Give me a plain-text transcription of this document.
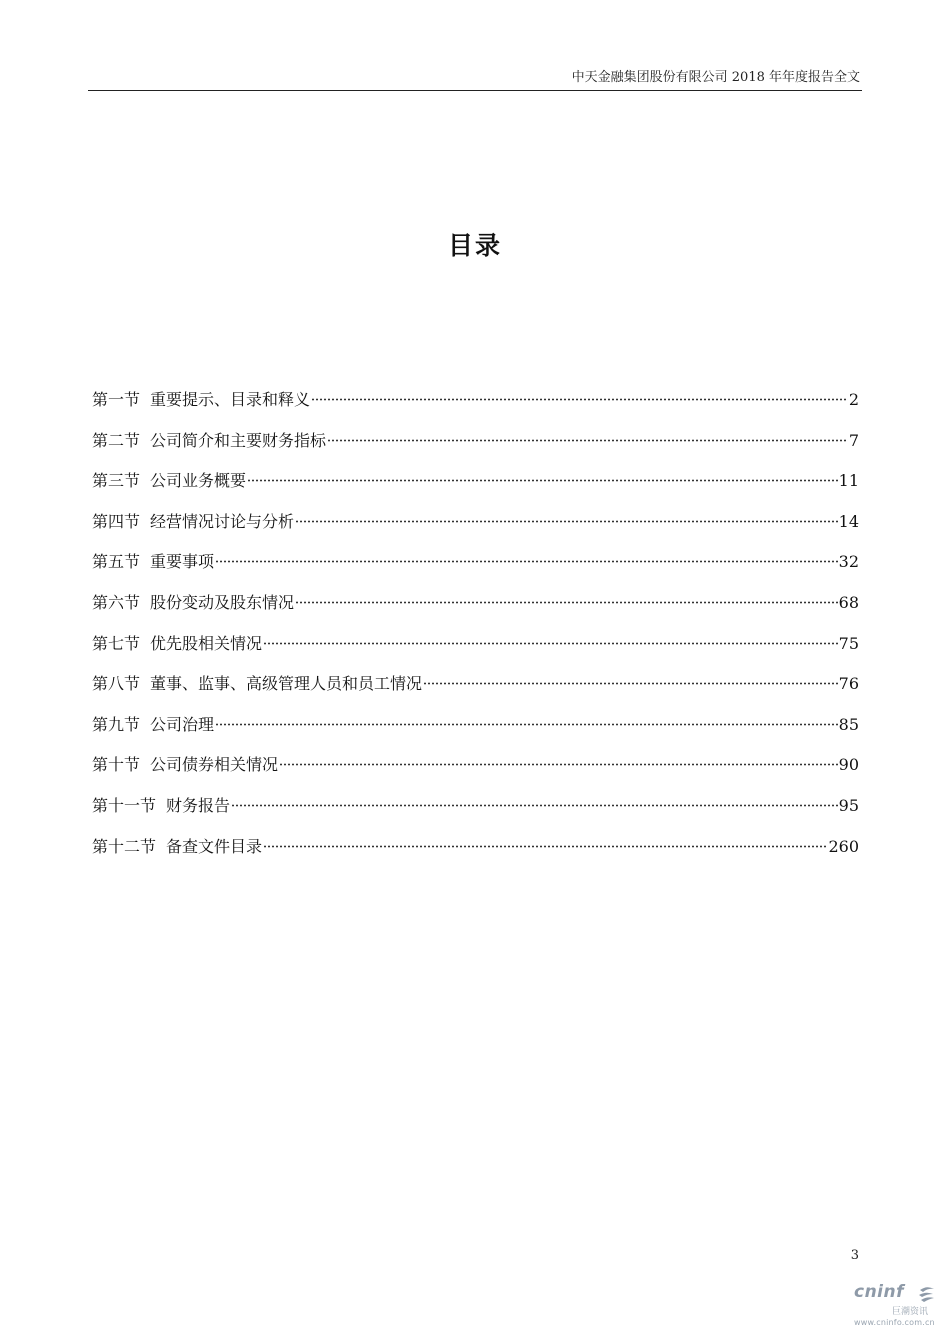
中天金融集团股份有限公司 2018 年年度报告全文
目录
第一节 重要提示、目录和释义	2
第二节 公司简介和主要财务指标	7
第三节 公司业务概要	11
第四节 经营情况讨论与分析	14
第五节 重要事项	32
第六节 股份变动及股东情况	68
第七节 优先股相关情况	75
第八节 董事、监事、高级管理人员和员工情况	76
第九节 公司治理	85
第十节 公司债券相关情况	90
第十一节 财务报告	95
第十二节 备查文件目录	260
3
cninf
巨潮资讯
www.cninfo.com.cn
